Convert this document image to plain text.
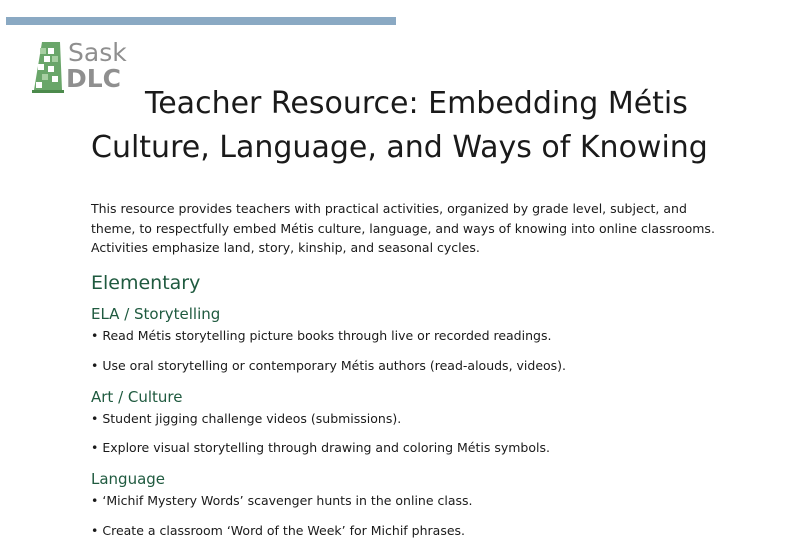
Sask
DLC
Teacher Resource: Embedding Métis Culture, Language, and Ways of Knowing
This resource provides teachers with practical activities, organized by grade level, subject, and theme, to respectfully embed Métis culture, language, and ways of knowing into online classrooms. Activities emphasize land, story, kinship, and seasonal cycles.
Elementary
ELA / Storytelling
• Read Métis storytelling picture books through live or recorded readings.
• Use oral storytelling or contemporary Métis authors (read-alouds, videos).
Art / Culture
• Student jigging challenge videos (submissions).
• Explore visual storytelling through drawing and coloring Métis symbols.
Language
• ‘Michif Mystery Words’ scavenger hunts in the online class.
• Create a classroom ‘Word of the Week’ for Michif phrases.
